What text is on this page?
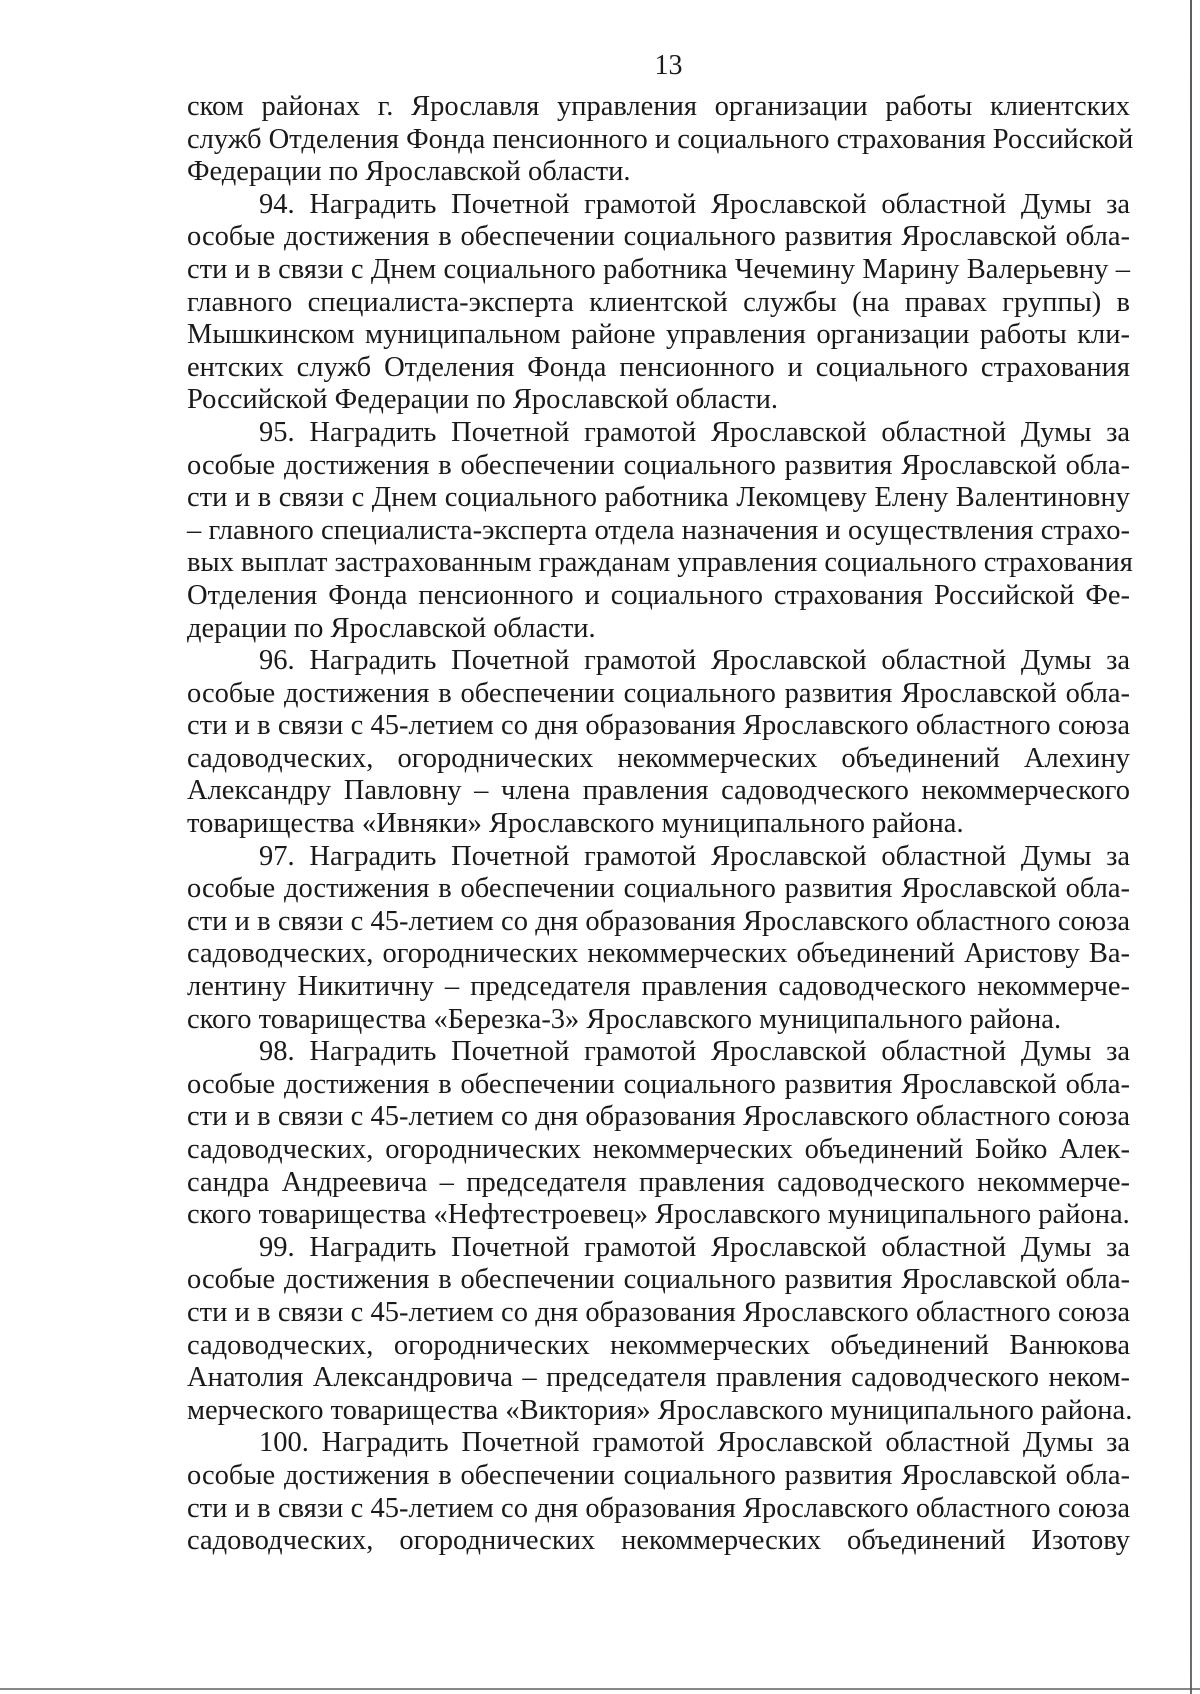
13
ском районах г. Ярославля управления организации работы клиентских
служб Отделения Фонда пенсионного и социального страхования Российской
Федерации по Ярославской области.
94. Наградить Почетной грамотой Ярославской областной Думы за
особые достижения в обеспечении социального развития Ярославской обла-
сти и в связи с Днем социального работника Чечемину Марину Валерьевну –
главного специалиста-эксперта клиентской службы (на правах группы) в
Мышкинском муниципальном районе управления организации работы кли-
ентских служб Отделения Фонда пенсионного и социального страхования
Российской Федерации по Ярославской области.
95. Наградить Почетной грамотой Ярославской областной Думы за
особые достижения в обеспечении социального развития Ярославской обла-
сти и в связи с Днем социального работника Лекомцеву Елену Валентиновну
– главного специалиста-эксперта отдела назначения и осуществления страхо-
вых выплат застрахованным гражданам управления социального страхования
Отделения Фонда пенсионного и социального страхования Российской Фе-
дерации по Ярославской области.
96. Наградить Почетной грамотой Ярославской областной Думы за
особые достижения в обеспечении социального развития Ярославской обла-
сти и в связи с 45-летием со дня образования Ярославского областного союза
садоводческих, огороднических некоммерческих объединений Алехину
Александру Павловну – члена правления садоводческого некоммерческого
товарищества «Ивняки» Ярославского муниципального района.
97. Наградить Почетной грамотой Ярославской областной Думы за
особые достижения в обеспечении социального развития Ярославской обла-
сти и в связи с 45-летием со дня образования Ярославского областного союза
садоводческих, огороднических некоммерческих объединений Аристову Ва-
лентину Никитичну – председателя правления садоводческого некоммерче-
ского товарищества «Березка-3» Ярославского муниципального района.
98. Наградить Почетной грамотой Ярославской областной Думы за
особые достижения в обеспечении социального развития Ярославской обла-
сти и в связи с 45-летием со дня образования Ярославского областного союза
садоводческих, огороднических некоммерческих объединений Бойко Алек-
сандра Андреевича – председателя правления садоводческого некоммерче-
ского товарищества «Нефтестроевец» Ярославского муниципального района.
99. Наградить Почетной грамотой Ярославской областной Думы за
особые достижения в обеспечении социального развития Ярославской обла-
сти и в связи с 45-летием со дня образования Ярославского областного союза
садоводческих, огороднических некоммерческих объединений Ванюкова
Анатолия Александровича – председателя правления садоводческого неком-
мерческого товарищества «Виктория» Ярославского муниципального района.
100. Наградить Почетной грамотой Ярославской областной Думы за
особые достижения в обеспечении социального развития Ярославской обла-
сти и в связи с 45-летием со дня образования Ярославского областного союза
садоводческих, огороднических некоммерческих объединений Изотову
